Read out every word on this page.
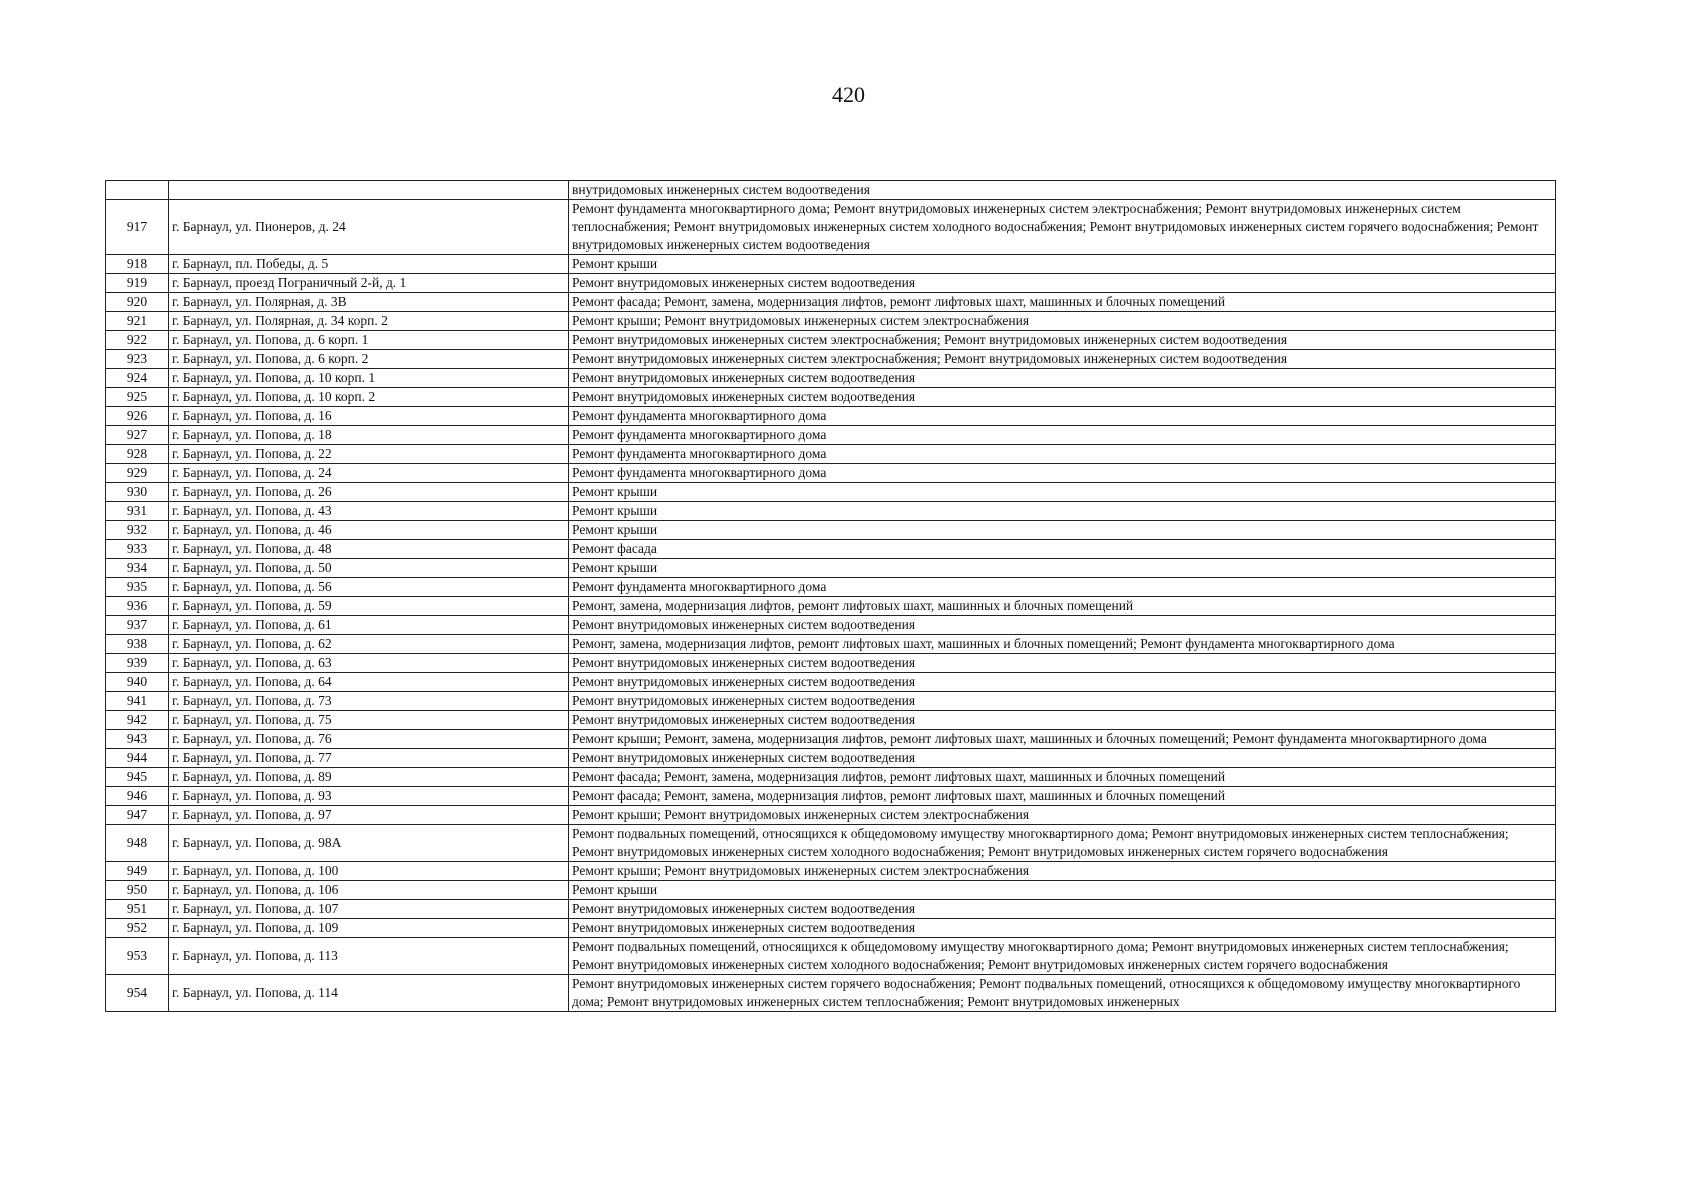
420
		внутридомовых инженерных систем водоотведения
917	г. Барнаул, ул. Пионеров, д. 24	Ремонт фундамента многоквартирного дома; Ремонт внутридомовых инженерных систем электроснабжения; Ремонт внутридомовых инженерных систем теплоснабжения; Ремонт внутридомовых инженерных систем холодного водоснабжения; Ремонт внутридомовых инженерных систем горячего водоснабжения; Ремонт внутридомовых инженерных систем водоотведения
918	г. Барнаул, пл. Победы, д. 5	Ремонт крыши
919	г. Барнаул, проезд Пограничный 2-й, д. 1	Ремонт внутридомовых инженерных систем водоотведения
920	г. Барнаул, ул. Полярная, д. 3В	Ремонт фасада; Ремонт, замена, модернизация лифтов, ремонт лифтовых шахт, машинных и блочных помещений
921	г. Барнаул, ул. Полярная, д. 34 корп. 2	Ремонт крыши; Ремонт внутридомовых инженерных систем электроснабжения
922	г. Барнаул, ул. Попова, д. 6 корп. 1	Ремонт внутридомовых инженерных систем электроснабжения; Ремонт внутридомовых инженерных систем водоотведения
923	г. Барнаул, ул. Попова, д. 6 корп. 2	Ремонт внутридомовых инженерных систем электроснабжения; Ремонт внутридомовых инженерных систем водоотведения
924	г. Барнаул, ул. Попова, д. 10 корп. 1	Ремонт внутридомовых инженерных систем водоотведения
925	г. Барнаул, ул. Попова, д. 10 корп. 2	Ремонт внутридомовых инженерных систем водоотведения
926	г. Барнаул, ул. Попова, д. 16	Ремонт фундамента многоквартирного дома
927	г. Барнаул, ул. Попова, д. 18	Ремонт фундамента многоквартирного дома
928	г. Барнаул, ул. Попова, д. 22	Ремонт фундамента многоквартирного дома
929	г. Барнаул, ул. Попова, д. 24	Ремонт фундамента многоквартирного дома
930	г. Барнаул, ул. Попова, д. 26	Ремонт крыши
931	г. Барнаул, ул. Попова, д. 43	Ремонт крыши
932	г. Барнаул, ул. Попова, д. 46	Ремонт крыши
933	г. Барнаул, ул. Попова, д. 48	Ремонт фасада
934	г. Барнаул, ул. Попова, д. 50	Ремонт крыши
935	г. Барнаул, ул. Попова, д. 56	Ремонт фундамента многоквартирного дома
936	г. Барнаул, ул. Попова, д. 59	Ремонт, замена, модернизация лифтов, ремонт лифтовых шахт, машинных и блочных помещений
937	г. Барнаул, ул. Попова, д. 61	Ремонт внутридомовых инженерных систем водоотведения
938	г. Барнаул, ул. Попова, д. 62	Ремонт, замена, модернизация лифтов, ремонт лифтовых шахт, машинных и блочных помещений; Ремонт фундамента многоквартирного дома
939	г. Барнаул, ул. Попова, д. 63	Ремонт внутридомовых инженерных систем водоотведения
940	г. Барнаул, ул. Попова, д. 64	Ремонт внутридомовых инженерных систем водоотведения
941	г. Барнаул, ул. Попова, д. 73	Ремонт внутридомовых инженерных систем водоотведения
942	г. Барнаул, ул. Попова, д. 75	Ремонт внутридомовых инженерных систем водоотведения
943	г. Барнаул, ул. Попова, д. 76	Ремонт крыши; Ремонт, замена, модернизация лифтов, ремонт лифтовых шахт, машинных и блочных помещений; Ремонт фундамента многоквартирного дома
944	г. Барнаул, ул. Попова, д. 77	Ремонт внутридомовых инженерных систем водоотведения
945	г. Барнаул, ул. Попова, д. 89	Ремонт фасада; Ремонт, замена, модернизация лифтов, ремонт лифтовых шахт, машинных и блочных помещений
946	г. Барнаул, ул. Попова, д. 93	Ремонт фасада; Ремонт, замена, модернизация лифтов, ремонт лифтовых шахт, машинных и блочных помещений
947	г. Барнаул, ул. Попова, д. 97	Ремонт крыши; Ремонт внутридомовых инженерных систем электроснабжения
948	г. Барнаул, ул. Попова, д. 98А	Ремонт подвальных помещений, относящихся к общедомовому имуществу многоквартирного дома; Ремонт внутридомовых инженерных систем теплоснабжения; Ремонт внутридомовых инженерных систем холодного водоснабжения; Ремонт внутридомовых инженерных систем горячего водоснабжения
949	г. Барнаул, ул. Попова, д. 100	Ремонт крыши; Ремонт внутридомовых инженерных систем электроснабжения
950	г. Барнаул, ул. Попова, д. 106	Ремонт крыши
951	г. Барнаул, ул. Попова, д. 107	Ремонт внутридомовых инженерных систем водоотведения
952	г. Барнаул, ул. Попова, д. 109	Ремонт внутридомовых инженерных систем водоотведения
953	г. Барнаул, ул. Попова, д. 113	Ремонт подвальных помещений, относящихся к общедомовому имуществу многоквартирного дома; Ремонт внутридомовых инженерных систем теплоснабжения; Ремонт внутридомовых инженерных систем холодного водоснабжения; Ремонт внутридомовых инженерных систем горячего водоснабжения
954	г. Барнаул, ул. Попова, д. 114	Ремонт внутридомовых инженерных систем горячего водоснабжения; Ремонт подвальных помещений, относящихся к общедомовому имуществу многоквартирного дома; Ремонт внутридомовых инженерных систем теплоснабжения; Ремонт внутридомовых инженерных
